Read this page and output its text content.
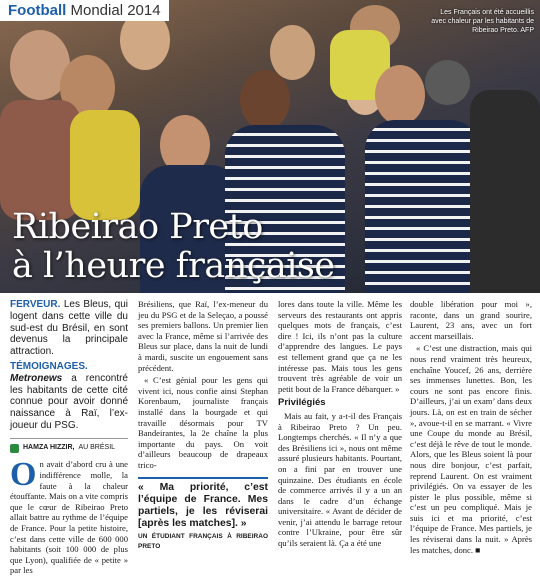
Football Mondial 2014	Les Français ont été accueillis avec chaleur par les habitants de Ribeirao Preto. AFP
Ribeirao Preto
à l’heure française

FERVEUR. Les Bleus, qui logent dans cette ville du sud-est du Brésil, en sont devenus la principale attraction.

TÉMOIGNAGES. Metronews a rencontré les habitants de cette cité connue pour avoir donné naissance à Raï, l’ex-joueur du PSG.

HAMZA HIZZIR, AU BRÉSIL

On avait d’abord cru à une indifférence molle, la faute à la chaleur étouffante. Mais on a vite compris que le cœur de Ribeirao Preto allait battre au rythme de l’équipe de France. Pour la petite histoire, c’est dans cette ville de 600 000 habitants (soit 100 000 de plus que Lyon), qualifiée de « petite » par les

Brésiliens, que Raï, l’ex-meneur du jeu du PSG et de la Seleçao, a poussé ses premiers ballons. Un premier lien avec la France, même si l’arrivée des Bleus sur place, dans la nuit de lundi à mardi, suscite un engouement sans précédent.

« C’est génial pour les gens qui vivent ici, nous confie ainsi Stephan Korenbaum, journaliste français installé dans la bourgade et qui travaille désormais pour TV Bandeirantes, la 2e chaîne la plus importante du pays. On voit d’ailleurs beaucoup de drapeaux trico-

« Ma priorité, c’est l’équipe de France. Mes partiels, je les réviserai [après les matches]. »
UN ÉTUDIANT FRANÇAIS À RIBEIRAO PRETO

lores dans toute la ville. Même les serveurs des restaurants ont appris quelques mots de français, c’est dire ! Ici, ils n’ont pas la culture d’apprendre des langues. Le pays est tellement grand que ça ne les intéresse pas. Mais tous les gens trouvent très agréable de voir un petit bout de la France débarquer. »

Privilégiés

Mais au fait, y a-t-il des Français à Ribeirao Preto ? Un peu. Longtemps cherchés. « Il n’y a que des Brésiliens ici », nous ont même assuré plusieurs habitants. Pourtant, on a fini par en trouver une quinzaine. Des étudiants en école de commerce arrivés il y a un an dans le cadre d’un échange universitaire. « Avant de décider de venir, j’ai attendu le barrage retour contre l’Ukraine, pour être sûr qu’ils seraient là. Ça a été une

double libération pour moi », raconte, dans un grand sourire, Laurent, 23 ans, avec un fort accent marseillais.

« C’est une distraction, mais qui nous rend vraiment très heureux, enchaîne Youcef, 26 ans, derrière ses immenses lunettes. Bon, les cours ne sont pas encore finis. D’ailleurs, j’ai un exam’ dans deux jours. Là, on est en train de sécher », avoue-t-il en se marrant. « Vivre une Coupe du monde au Brésil, c’est déjà le rêve de tout le monde. Alors, que les Bleus soient là pour nous dire bonjour, c’est parfait, reprend Laurent. On est vraiment privilégiés. On va essayer de les pister le plus possible, même si c’est un peu compliqué. Mais je suis ici et ma priorité, c’est l’équipe de France. Mes partiels, je les réviserai dans la nuit. » Après les matches, donc. ■
